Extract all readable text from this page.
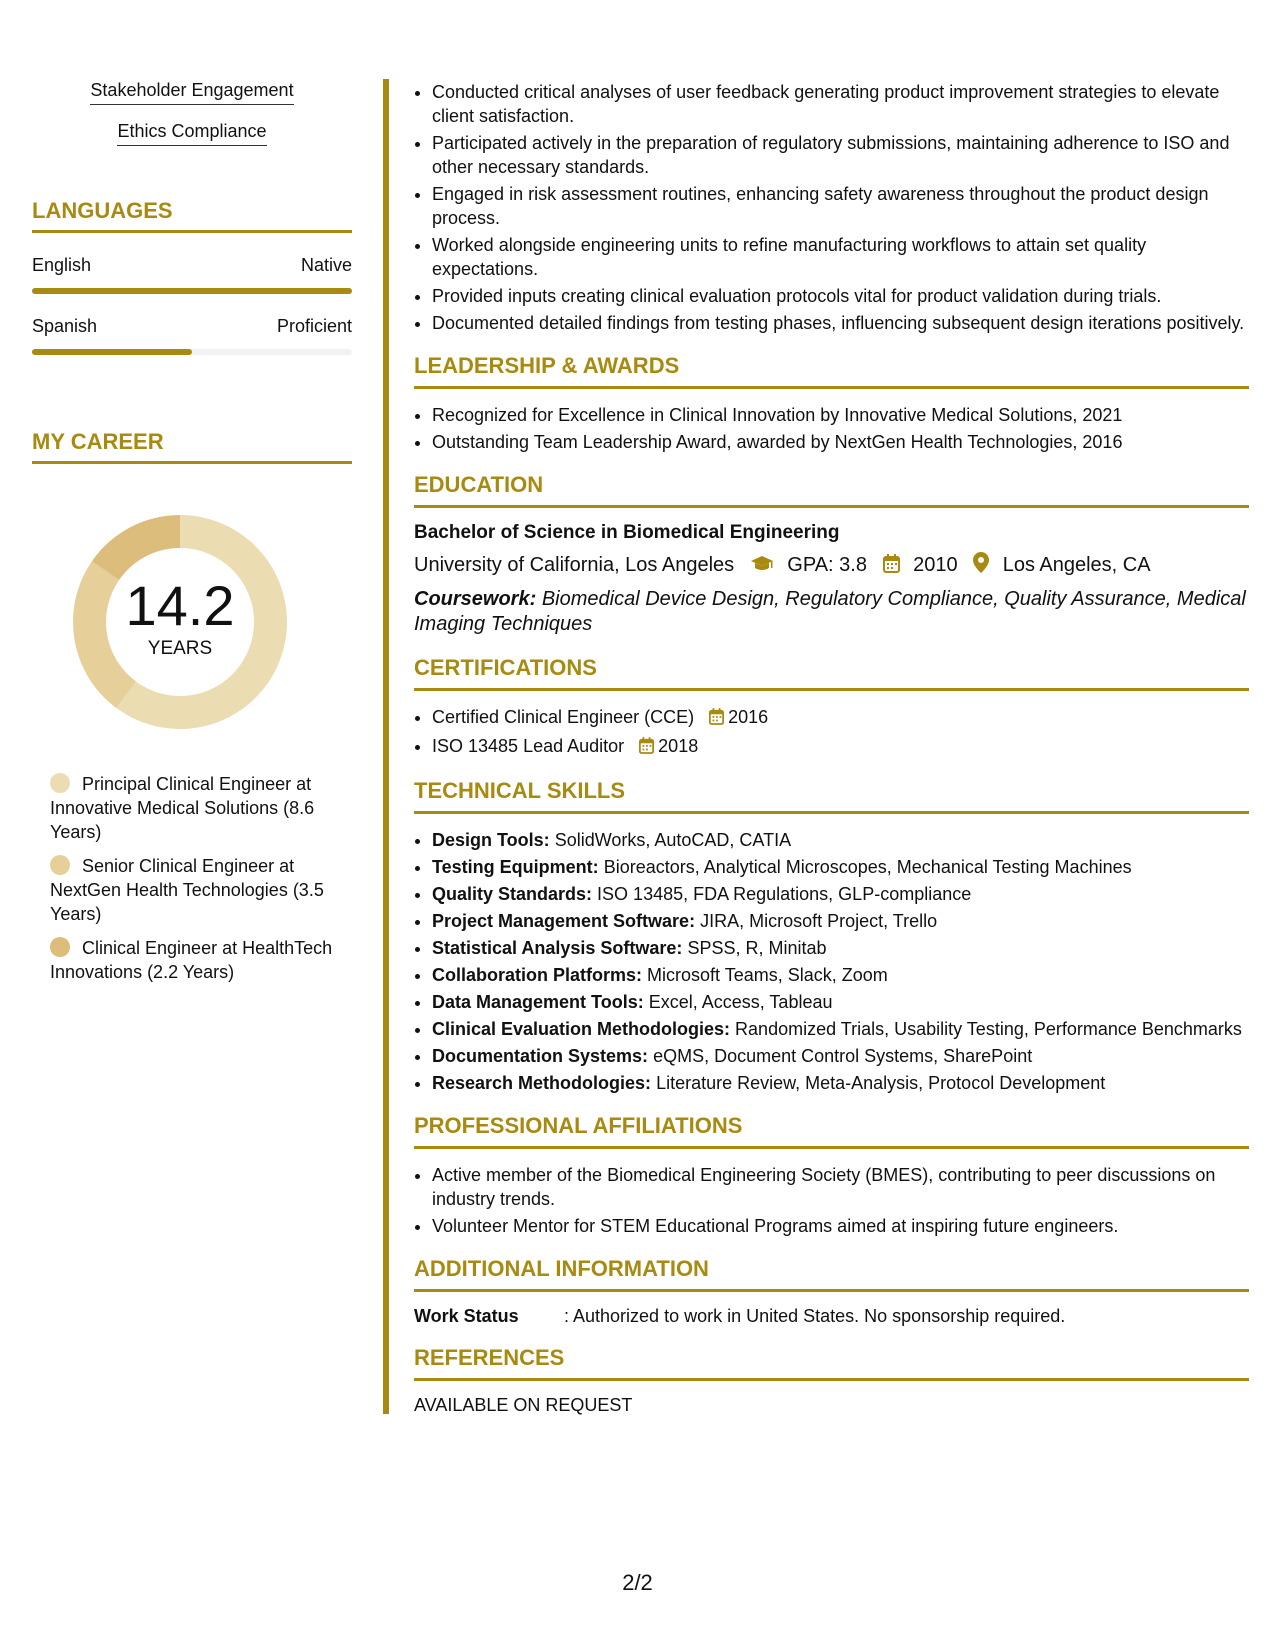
Stakeholder Engagement
Ethics Compliance
LANGUAGES
English	Native
Spanish	Proficient
MY CAREER
14.2
YEARS
Principal Clinical Engineer at Innovative Medical Solutions (8.6 Years)
Senior Clinical Engineer at NextGen Health Technologies (3.5 Years)
Clinical Engineer at HealthTech Innovations (2.2 Years)
• Conducted critical analyses of user feedback generating product improvement strategies to elevate client satisfaction.
• Participated actively in the preparation of regulatory submissions, maintaining adherence to ISO and other necessary standards.
• Engaged in risk assessment routines, enhancing safety awareness throughout the product design process.
• Worked alongside engineering units to refine manufacturing workflows to attain set quality expectations.
• Provided inputs creating clinical evaluation protocols vital for product validation during trials.
• Documented detailed findings from testing phases, influencing subsequent design iterations positively.
LEADERSHIP & AWARDS
• Recognized for Excellence in Clinical Innovation by Innovative Medical Solutions, 2021
• Outstanding Team Leadership Award, awarded by NextGen Health Technologies, 2016
EDUCATION
Bachelor of Science in Biomedical Engineering
University of California, Los Angeles	GPA: 3.8 2010 Los Angeles, CA
Coursework: Biomedical Device Design, Regulatory Compliance, Quality Assurance, Medical Imaging Techniques
CERTIFICATIONS
• Certified Clinical Engineer (CCE) 2016
• ISO 13485 Lead Auditor 2018
TECHNICAL SKILLS
• Design Tools: SolidWorks, AutoCAD, CATIA
• Testing Equipment: Bioreactors, Analytical Microscopes, Mechanical Testing Machines
• Quality Standards: ISO 13485, FDA Regulations, GLP-compliance
• Project Management Software: JIRA, Microsoft Project, Trello
• Statistical Analysis Software: SPSS, R, Minitab
• Collaboration Platforms: Microsoft Teams, Slack, Zoom
• Data Management Tools: Excel, Access, Tableau
• Clinical Evaluation Methodologies: Randomized Trials, Usability Testing, Performance Benchmarks
• Documentation Systems: eQMS, Document Control Systems, SharePoint
• Research Methodologies: Literature Review, Meta-Analysis, Protocol Development
PROFESSIONAL AFFILIATIONS
• Active member of the Biomedical Engineering Society (BMES), contributing to peer discussions on industry trends.
• Volunteer Mentor for STEM Educational Programs aimed at inspiring future engineers.
ADDITIONAL INFORMATION
Work Status	: Authorized to work in United States. No sponsorship required.
REFERENCES
AVAILABLE ON REQUEST
2/2
